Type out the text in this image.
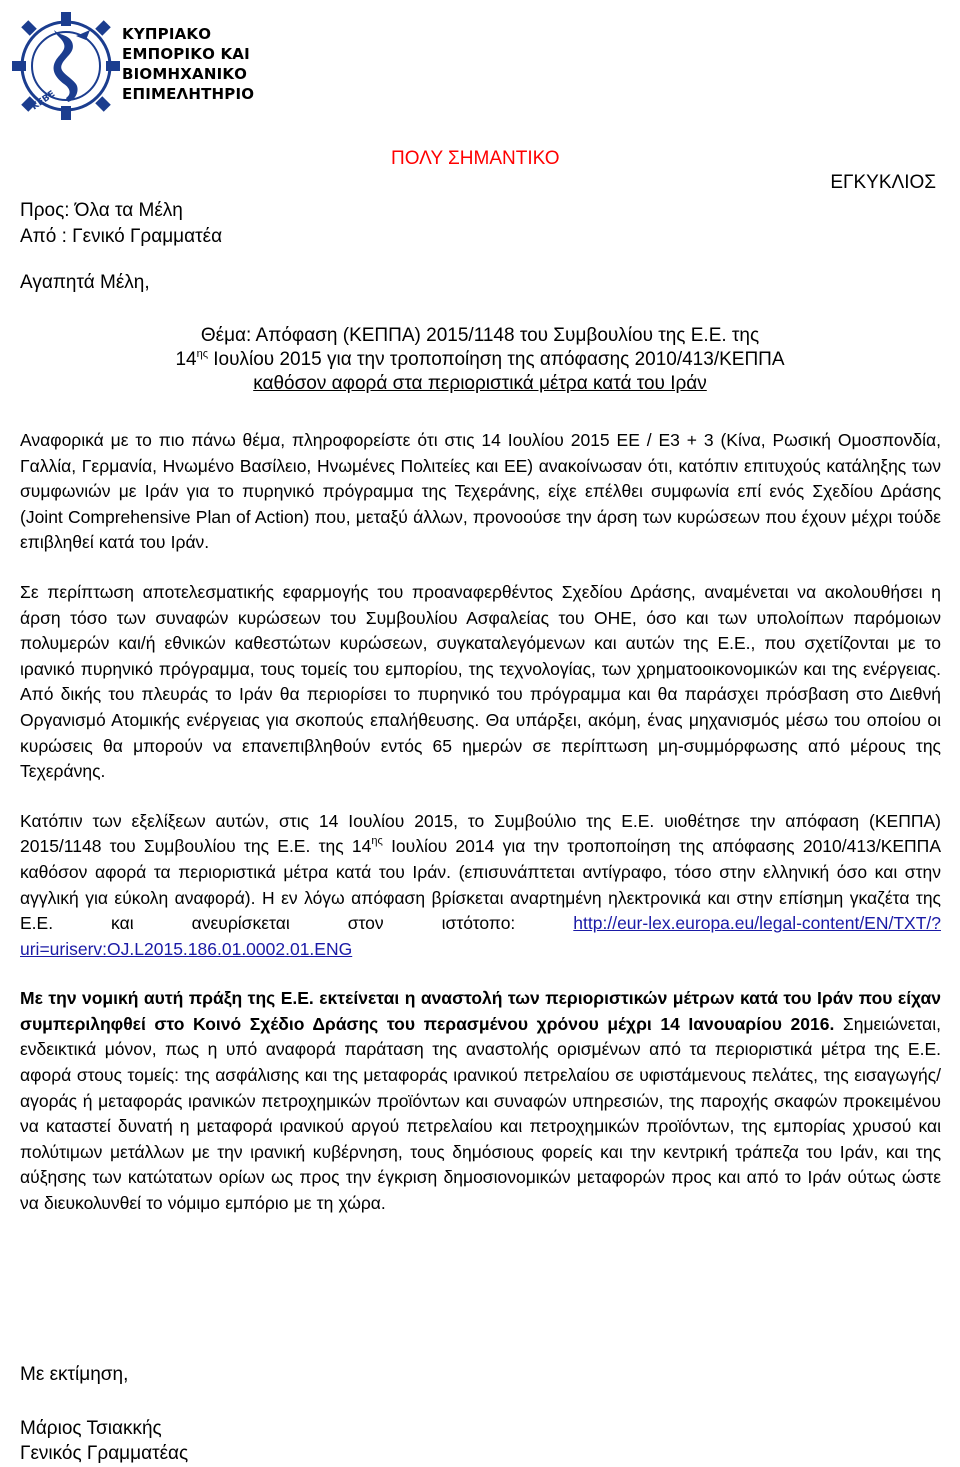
ΚΕΒΕ
ΚΥΠΡΙΑΚΟ
ΕΜΠΟΡΙΚΟ ΚΑΙ
ΒΙΟΜΗΧΑΝΙΚΟ
ΕΠΙΜΕΛΗΤΗΡΙΟ
ΠΟΛΥ ΣΗΜΑΝΤΙΚΟ
ΕΓΚΥΚΛΙΟΣ
Προς: Όλα τα Μέλη
Από : Γενικό Γραμματέα
Αγαπητά Μέλη,
Θέμα: Απόφαση (ΚΕΠΠΑ) 2015/1148 του Συμβουλίου της Ε.Ε. της
$14^{\eta\varsigma}$ Ιουλίου 2015 για την τροποποίηση της απόφασης 2010/413/ΚΕΠΠΑ
καθόσον αφορά στα περιοριστικά μέτρα κατά του Ιράν

Αναφορικά με το πιο πάνω θέμα, πληροφορείστε ότι στις 14 Ιουλίου 2015 ΕΕ / Ε3 + 3 (Κίνα, Ρωσική Ομοσπονδία, Γαλλία, Γερμανία, Ηνωμένο Βασίλειο, Ηνωμένες Πολιτείες και ΕΕ) ανακοίνωσαν ότι, κατόπιν επιτυχούς κατάληξης των συμφωνιών με Ιράν για το πυρηνικό πρόγραμμα της Τεχεράνης, είχε επέλθει συμφωνία επί ενός Σχεδίου Δράσης (Joint Comprehensive Plan of Action) που, μεταξύ άλλων, προνοούσε την άρση των κυρώσεων που έχουν μέχρι τούδε επιβληθεί κατά του Ιράν.

Σε περίπτωση αποτελεσματικής εφαρμογής του προαναφερθέντος Σχεδίου Δράσης, αναμένεται να ακολουθήσει η άρση τόσο των συναφών κυρώσεων του Συμβουλίου Ασφαλείας του ΟΗΕ, όσο και των υπολοίπων παρόμοιων πολυμερών και/ή εθνικών καθεστώτων κυρώσεων, συγκαταλεγόμενων και αυτών της Ε.Ε., που σχετίζονται με το ιρανικό πυρηνικό πρόγραμμα, τους τομείς του εμπορίου, της τεχνολογίας, των χρηματοοικονομικών και της ενέργειας. Από δικής του πλευράς το Ιράν θα περιορίσει το πυρηνικό του πρόγραμμα και θα παράσχει πρόσβαση στο Διεθνή Οργανισμό Ατομικής ενέργειας για σκοπούς επαλήθευσης. Θα υπάρξει, ακόμη, ένας μηχανισμός μέσω του οποίου οι κυρώσεις θα μπορούν να επανεπιβληθούν εντός 65 ημερών σε περίπτωση μη-συμμόρφωσης από μέρους της Τεχεράνης.

Κατόπιν των εξελίξεων αυτών, στις 14 Ιουλίου 2015, το Συμβούλιο της Ε.Ε. υιοθέτησε την απόφαση (ΚΕΠΠΑ) 2015/1148 του Συμβουλίου της Ε.Ε. της $14^{\eta\varsigma}$ Ιουλίου 2014 για την τροποποίηση της απόφασης 2010/413/ΚΕΠΠΑ καθόσον αφορά τα περιοριστικά μέτρα κατά του Ιράν. (επισυνάπτεται αντίγραφο, τόσο στην ελληνική όσο και στην αγγλική για εύκολη αναφορά). Η εν λόγω απόφαση βρίσκεται αναρτημένη ηλεκτρονικά και στην επίσημη γκαζέτα της Ε.Ε. και ανευρίσκεται στον ιστότοπο: http://eur-lex.europa.eu/legal-content/EN/TXT/?uri=uriserv:OJ.L2015.186.01.0002.01.ENG

Με την νομική αυτή πράξη της Ε.Ε. εκτείνεται η αναστολή των περιοριστικών μέτρων κατά του Ιράν που είχαν συμπεριληφθεί στο Κοινό Σχέδιο Δράσης του περασμένου χρόνου μέχρι 14 Ιανουαρίου 2016. Σημειώνεται, ενδεικτικά μόνον, πως η υπό αναφορά παράταση της αναστολής ορισμένων από τα περιοριστικά μέτρα της Ε.Ε. αφορά στους τομείς: της ασφάλισης και της μεταφοράς ιρανικού πετρελαίου σε υφιστάμενους πελάτες, της εισαγωγής/αγοράς ή μεταφοράς ιρανικών πετροχημικών προϊόντων και συναφών υπηρεσιών, της παροχής σκαφών προκειμένου να καταστεί δυνατή η μεταφορά ιρανικού αργού πετρελαίου και πετροχημικών προϊόντων, της εμπορίας χρυσού και πολύτιμων μετάλλων με την ιρανική κυβέρνηση, τους δημόσιους φορείς και την κεντρική τράπεζα του Ιράν, και της αύξησης των κατώτατων ορίων ως προς την έγκριση δημοσιονομικών μεταφορών προς και από το Ιράν ούτως ώστε να διευκολυνθεί το νόμιμο εμπόριο με τη χώρα.

Με εκτίμηση,
Μάριος Τσιακκής
Γενικός Γραμματέας
